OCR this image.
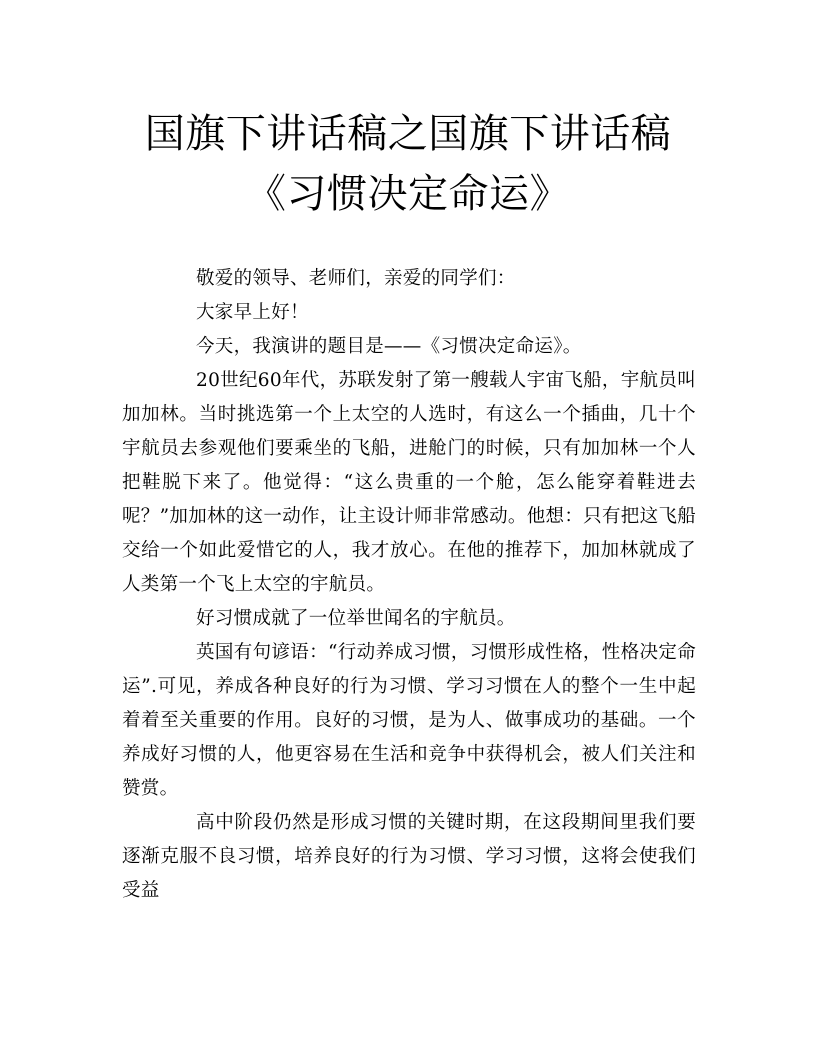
国旗下讲话稿之国旗下讲话稿《习惯决定命运》

敬爱的领导、老师们，亲爱的同学们：

大家早上好！

今天，我演讲的题目是——《习惯决定命运》。

20世纪60年代，苏联发射了第一艘载人宇宙飞船，宇航员叫加加林。当时挑选第一个上太空的人选时，有这么一个插曲，几十个宇航员去参观他们要乘坐的飞船，进舱门的时候，只有加加林一个人把鞋脱下来了。他觉得：“这么贵重的一个舱，怎么能穿着鞋进去呢？”加加林的这一动作，让主设计师非常感动。他想：只有把这飞船交给一个如此爱惜它的人，我才放心。在他的推荐下，加加林就成了人类第一个飞上太空的宇航员。

好习惯成就了一位举世闻名的宇航员。

英国有句谚语：“行动养成习惯，习惯形成性格，性格决定命运”.可见，养成各种良好的行为习惯、学习习惯在人的整个一生中起着着至关重要的作用。良好的习惯，是为人、做事成功的基础。一个养成好习惯的人，他更容易在生活和竞争中获得机会，被人们关注和赞赏。

高中阶段仍然是形成习惯的关键时期，在这段期间里我们要逐渐克服不良习惯，培养良好的行为习惯、学习习惯，这将会使我们受益
